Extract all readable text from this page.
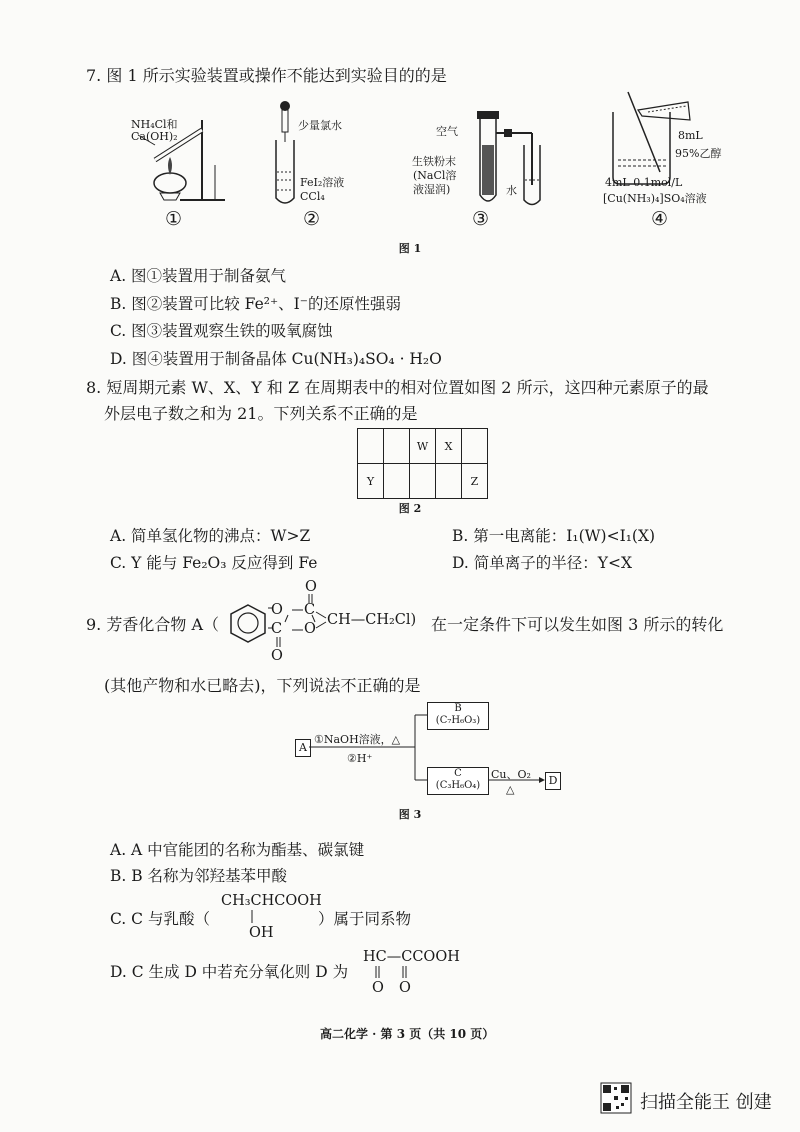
7. 图 1 所示实验装置或操作不能达到实验目的的是
NH₄Cl和
Ca(OH)₂
①
少量氯水
FeI₂溶液
CCl₄
②
空气
生铁粉末
(NaCl溶
液湿润)	水
③
8mL
95%乙醇
4mL 0.1mol/L
[Cu(NH₃)₄]SO₄溶液
④
图 1
A. 图①装置用于制备氨气
B. 图②装置可比较 Fe²⁺、I⁻的还原性强弱
C. 图③装置观察生铁的吸氧腐蚀
D. 图④装置用于制备晶体 Cu(NH₃)₄SO₄ · H₂O
8. 短周期元素 W、X、Y 和 Z 在周期表中的相对位置如图 2 所示，这四种元素原子的最
外层电子数之和为 21。下列关系不正确的是
		W	X	
Y				Z
图 2
A. 简单氢化物的沸点：W>Z	B. 第一电离能：I₁(W)<I₁(X)
C. Y 能与 Fe₂O₃ 反应得到 Fe	D. 简单离子的半径：Y<X
9. 芳香化合物 A（
O C
C O
O
O
CH—CH₂Cl) 在一定条件下可以发生如图 3 所示的转化
(其他产物和水已略去)，下列说法不正确的是
A
①NaOH溶液，△
②H⁺
B
(C₇H₆O₃)
C
(C₃H₆O₄)
Cu、O₂
△
D
图 3
A. A 中官能团的名称为酯基、碳氯键
B. B 名称为邻羟基苯甲酸
C. C 与乳酸（
CH₃CHCOOH
OH
）属于同系物
D. C 生成 D 中若充分氧化则 D 为
HC—CCOOH
O O
高二化学 · 第 3 页（共 10 页）
扫描全能王 创建
